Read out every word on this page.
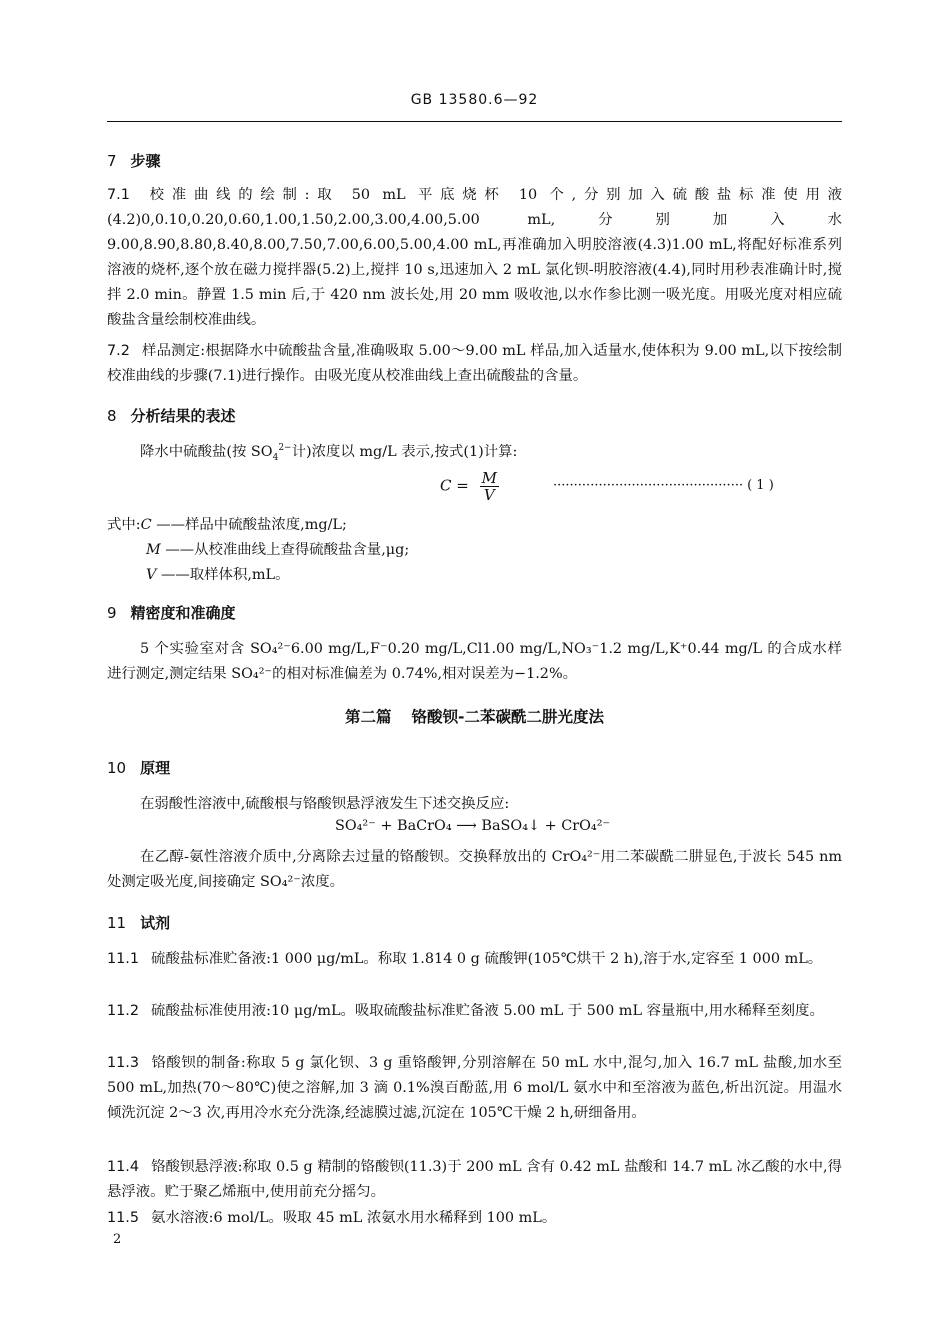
GB 13580.6—92
7 步骤

7.1 校准曲线的绘制:取 50 mL 平底烧杯 10 个,分别加入硫酸盐标准使用液(4.2)0,0.10,0.20,0.60,1.00,1.50,2.00,3.00,4.00,5.00 mL,分别加入水 9.00,8.90,8.80,8.40,8.00,7.50,7.00,6.00,5.00,4.00 mL,再准确加入明胶溶液(4.3)1.00 mL,将配好标准系列溶液的烧杯,逐个放在磁力搅拌器(5.2)上,搅拌 10 s,迅速加入 2 mL 氯化钡-明胶溶液(4.4),同时用秒表准确计时,搅拌 2.0 min。静置 1.5 min 后,于 420 nm 波长处,用 20 mm 吸收池,以水作参比测一吸光度。用吸光度对相应硫酸盐含量绘制校准曲线。

7.2 样品测定:根据降水中硫酸盐含量,准确吸取 5.00～9.00 mL 样品,加入适量水,使体积为 9.00 mL,以下按绘制校准曲线的步骤(7.1)进行操作。由吸光度从校准曲线上查出硫酸盐的含量。

8 分析结果的表述

降水中硫酸盐(按 $SO_4^{2-}$计)浓度以 mg/L 表示,按式(1)计算:

$C = \frac{M}{V}$	·············································· ( 1 )
式中:C ——样品中硫酸盐浓度,mg/L;
M ——从校准曲线上查得硫酸盐含量,μg;
V ——取样体积,mL。
9 精密度和准确度

5 个实验室对含 SO₄²⁻6.00 mg/L,F⁻0.20 mg/L,Cl1.00 mg/L,NO₃⁻1.2 mg/L,K⁺0.44 mg/L 的合成水样进行测定,测定结果 SO₄²⁻的相对标准偏差为 0.74%,相对误差为−1.2%。

第二篇 铬酸钡-二苯碳酰二肼光度法
10 原理

在弱酸性溶液中,硫酸根与铬酸钡悬浮液发生下述交换反应:

SO₄²⁻ + BaCrO₄ ⟶ BaSO₄↓ + CrO₄²⁻

在乙醇-氨性溶液介质中,分离除去过量的铬酸钡。交换释放出的 CrO₄²⁻用二苯碳酰二肼显色,于波长 545 nm 处测定吸光度,间接确定 SO₄²⁻浓度。

11 试剂

11.1 硫酸盐标准贮备液:1 000 μg/mL。称取 1.814 0 g 硫酸钾(105℃烘干 2 h),溶于水,定容至 1 000 mL。

11.2 硫酸盐标准使用液:10 μg/mL。吸取硫酸盐标准贮备液 5.00 mL 于 500 mL 容量瓶中,用水稀释至刻度。

11.3 铬酸钡的制备:称取 5 g 氯化钡、3 g 重铬酸钾,分别溶解在 50 mL 水中,混匀,加入 16.7 mL 盐酸,加水至 500 mL,加热(70～80℃)使之溶解,加 3 滴 0.1%溴百酚蓝,用 6 mol/L 氨水中和至溶液为蓝色,析出沉淀。用温水倾洗沉淀 2～3 次,再用冷水充分洗涤,经滤膜过滤,沉淀在 105℃干燥 2 h,研细备用。

11.4 铬酸钡悬浮液:称取 0.5 g 精制的铬酸钡(11.3)于 200 mL 含有 0.42 mL 盐酸和 14.7 mL 冰乙酸的水中,得悬浮液。贮于聚乙烯瓶中,使用前充分摇匀。

11.5 氨水溶液:6 mol/L。吸取 45 mL 浓氨水用水稀释到 100 mL。

2
